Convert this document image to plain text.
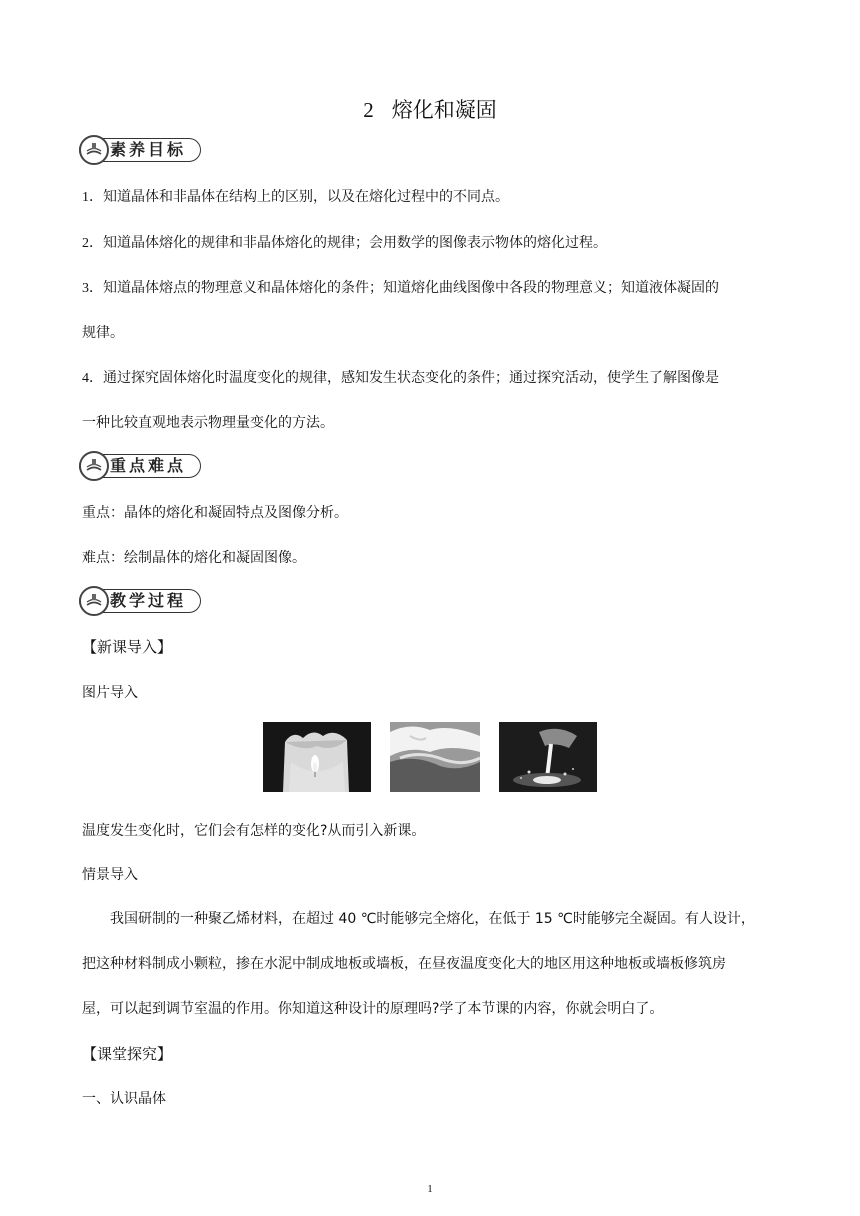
2 熔化和凝固
素养目标
1．知道晶体和非晶体在结构上的区别，以及在熔化过程中的不同点。
2．知道晶体熔化的规律和非晶体熔化的规律；会用数学的图像表示物体的熔化过程。
3．知道晶体熔点的物理意义和晶体熔化的条件；知道熔化曲线图像中各段的物理意义；知道液体凝固的
规律。
4．通过探究固体熔化时温度变化的规律，感知发生状态变化的条件；通过探究活动，使学生了解图像是
一种比较直观地表示物理量变化的方法。
重点难点
重点：晶体的熔化和凝固特点及图像分析。
难点：绘制晶体的熔化和凝固图像。
教学过程
【新课导入】
图片导入
温度发生变化时，它们会有怎样的变化?从而引入新课。
情景导入
我国研制的一种聚乙烯材料，在超过 40 ℃时能够完全熔化，在低于 15 ℃时能够完全凝固。有人设计，
把这种材料制成小颗粒，掺在水泥中制成地板或墙板，在昼夜温度变化大的地区用这种地板或墙板修筑房
屋，可以起到调节室温的作用。你知道这种设计的原理吗?学了本节课的内容，你就会明白了。
【课堂探究】
一、认识晶体
1
